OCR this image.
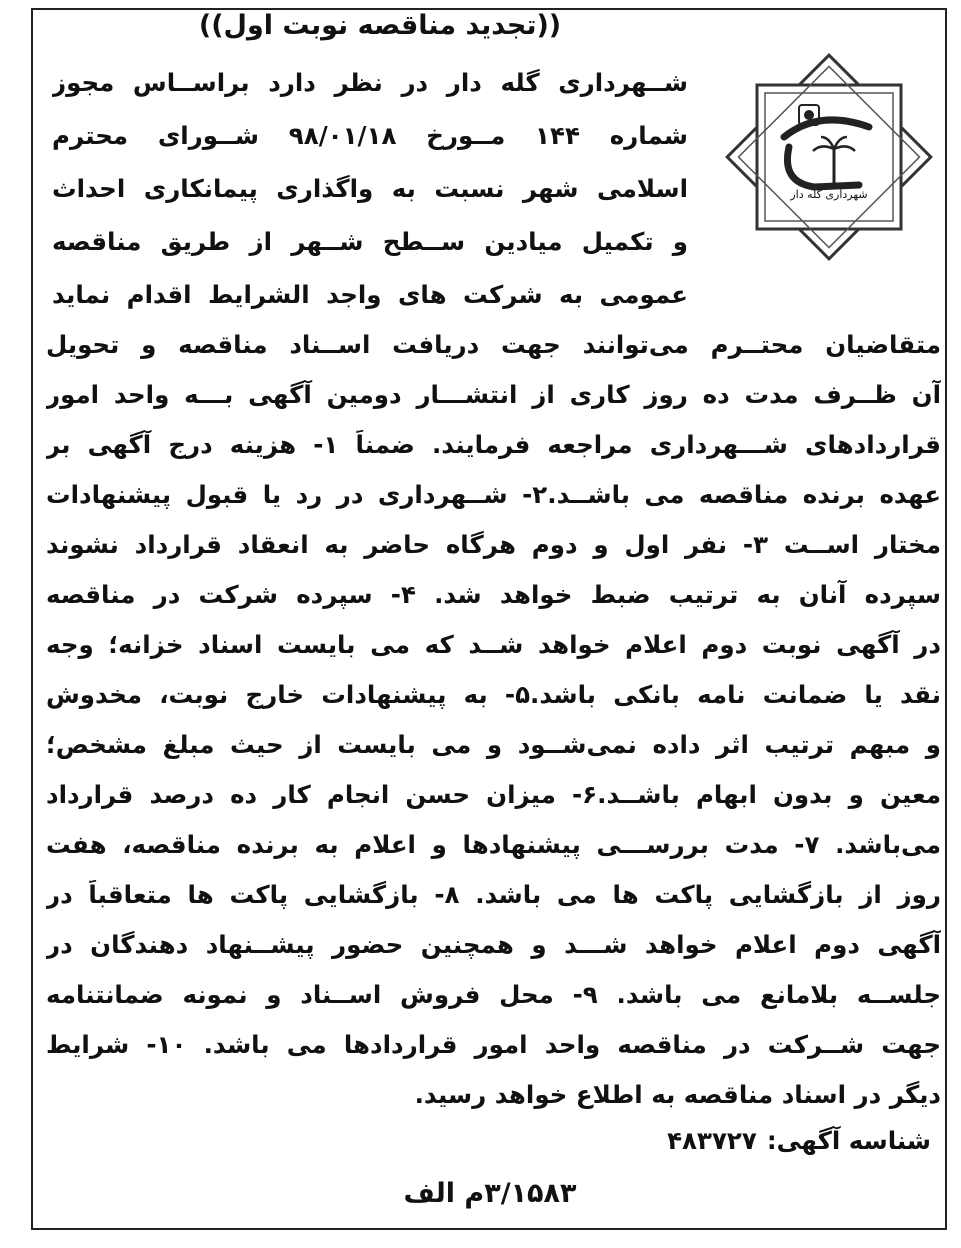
((تجدید مناقصه نوبت اول))
شهرداری گله دار
شــهرداری گله دار در نظر دارد براســاس مجوز
شماره ۱۴۴ مــورخ ۹۸/۰۱/۱۸ شــورای محترم
اسلامی شهر نسبت به واگذاری پیمانکاری احداث
و تکمیل میادین ســطح شــهر از طریق مناقصه
عمومی به شرکت های واجد الشرایط اقدام نماید
متقاضیان محتــرم می‌توانند جهت دریافت اســناد مناقصه و تحویل
آن ظــرف مدت ده روز کاری از انتشـــار دومین آگهی بـــه واحد امور
قراردادهای شـــهرداری مراجعه فرمایند. ضمناً ۱- هزینه درج آگهی بر
عهده برنده مناقصه می باشــد.۲- شــهرداری در رد یا قبول پیشنهادات
مختار اســت ۳- نفر اول و دوم هرگاه حاضر به انعقاد قرارداد نشوند
سپرده آنان به ترتیب ضبط خواهد شد. ۴- سپرده شرکت در مناقصه
در آگهی نوبت دوم اعلام خواهد شــد که می بایست اسناد خزانه؛ وجه
نقد یا ضمانت نامه بانکی باشد.۵- به پیشنهادات خارج نوبت، مخدوش
و مبهم ترتیب اثر داده نمی‌شــود و می بایست از حیث مبلغ مشخص؛
معین و بدون ابهام باشــد.۶- میزان حسن انجام کار ده درصد قرارداد
می‌باشد. ۷- مدت بررســـی پیشنهادها و اعلام به برنده مناقصه، هفت
روز از بازگشایی پاکت ها می باشد. ۸- بازگشایی پاکت ها متعاقباً در
آگهی دوم اعلام خواهد شـــد و همچنین حضور پیشــنهاد دهندگان در
جلســه بلامانع می باشد. ۹- محل فروش اســناد و نمونه ضمانتنامه
جهت شــرکت در مناقصه واحد امور قراردادها می باشد. ۱۰- شرایط
دیگر در اسناد مناقصه به اطلاع خواهد رسید.
شناسه آگهی:۴۸۳۷۲۷
۳/۱۵۸۳م الف
